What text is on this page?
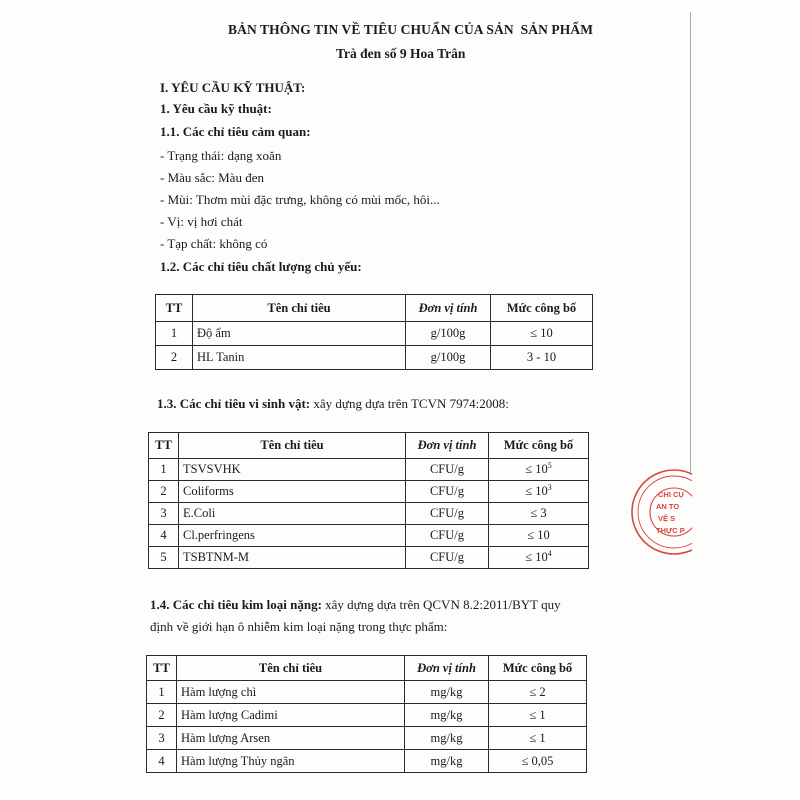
BẢN THÔNG TIN VỀ TIÊU CHUẨN CỦA SẢN  SẢN PHẨM
Trà đen số 9 Hoa Trân
I. YÊU CẦU KỸ THUẬT:
1. Yêu cầu kỹ thuật:
1.1. Các chỉ tiêu cảm quan:
- Trạng thái: dạng xoăn
- Màu sắc: Màu đen
- Mùi: Thơm mùi đặc trưng, không có mùi mốc, hôi...
- Vị: vị hơi chát
- Tạp chất: không có
1.2. Các chỉ tiêu chất lượng chủ yếu:
TT	Tên chỉ tiêu	Đơn vị tính	Mức công bố
1	Độ ẩm	g/100g	≤ 10
2	HL Tanin	g/100g	3 - 10
1.3. Các chỉ tiêu vi sinh vật: xây dựng dựa trên TCVN 7974:2008:
TT	Tên chỉ tiêu	Đơn vị tính	Mức công bố
1	TSVSVHK	CFU/g	≤ $10^5$
2	Coliforms	CFU/g	≤ $10^3$
3	E.Coli	CFU/g	≤ 3
4	Cl.perfringens	CFU/g	≤ 10
5	TSBTNM-M	CFU/g	≤ $10^4$
1.4. Các chỉ tiêu kim loại nặng: xây dựng dựa trên QCVN 8.2:2011/BYT quy
định về giới hạn ô nhiễm kim loại nặng trong thực phẩm:
TT	Tên chỉ tiêu	Đơn vị tính	Mức công bố
1	Hàm lượng chì	mg/kg	≤ 2
2	Hàm lượng Cadimi	mg/kg	≤ 1
3	Hàm lượng Arsen	mg/kg	≤ 1
4	Hàm lượng Thủy ngân	mg/kg	≤ 0,05
CHI CỤ
AN TO
VỆ S
THỰC P
